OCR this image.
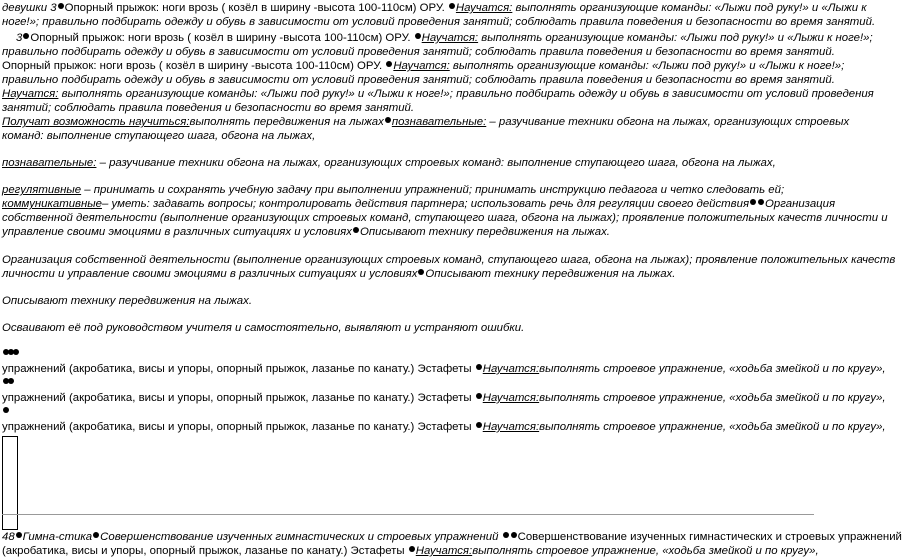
девушки 3 Опорный прыжок: ноги врозь ( козёл в ширину -высота 100-110см) ОРУ. Научатся: выполнять организующие команды: «Лыжи под руку!» и «Лыжи к
ноге!»; правильно подбирать одежду и обувь в зависимости от условий проведения занятий; соблюдать правила поведения и безопасности во время занятий.
3 Опорный прыжок: ноги врозь ( козёл в ширину -высота 100-110см) ОРУ. Научатся: выполнять организующие команды: «Лыжи под руку!» и «Лыжи к ноге!»;
правильно подбирать одежду и обувь в зависимости от условий проведения занятий; соблюдать правила поведения и безопасности во время занятий.
Опорный прыжок: ноги врозь ( козёл в ширину -высота 100-110см) ОРУ. Научатся: выполнять организующие команды: «Лыжи под руку!» и «Лыжи к ноге!»;
правильно подбирать одежду и обувь в зависимости от условий проведения занятий; соблюдать правила поведения и безопасности во время занятий.
Научатся: выполнять организующие команды: «Лыжи под руку!» и «Лыжи к ноге!»; правильно подбирать одежду и обувь в зависимости от условий проведения
занятий; соблюдать правила поведения и безопасности во время занятий.
Получат возможность научиться:выполнять передвижения на лыжах познавательные: – разучивание техники обгона на лыжах, организующих строевых
команд: выполнение ступающего шага, обгона на лыжах,
познавательные: – разучивание техники обгона на лыжах, организующих строевых команд: выполнение ступающего шага, обгона на лыжах,
регулятивные – принимать и сохранять учебную задачу при выполнении упражнений; принимать инструкцию педагога и четко следовать ей;
коммуникативные– уметь: задавать вопросы; контролировать действия партнера; использовать речь для регуляции своего действия Организация
собственной деятельности (выполнение организующих строевых команд, ступающего шага, обгона на лыжах); проявление положительных качеств личности и
управление своими эмоциями в различных ситуациях и условиях Описывают технику передвижения на лыжах.
Организация собственной деятельности (выполнение организующих строевых команд, ступающего шага, обгона на лыжах); проявление положительных качеств
личности и управление своими эмоциями в различных ситуациях и условиях Описывают технику передвижения на лыжах.
Описывают технику передвижения на лыжах.
Осваивают её под руководством учителя и самостоятельно, выявляют и устраняют ошибки.
упражнений (акробатика, висы и упоры, опорный прыжок, лазанье по канату.) Эстафеты Научатся:выполнять строевое упражнение, «ходьба змейкой и по кругу»,
упражнений (акробатика, висы и упоры, опорный прыжок, лазанье по канату.) Эстафеты Научатся:выполнять строевое упражнение, «ходьба змейкой и по кругу»,
упражнений (акробатика, висы и упоры, опорный прыжок, лазанье по канату.) Эстафеты Научатся:выполнять строевое упражнение, «ходьба змейкой и по кругу»,
48 Гимна-стика Совершенствование изученных гимнастических и строевых упражнений Совершенствование изученных гимнастических и строевых упражнений
(акробатика, висы и упоры, опорный прыжок, лазанье по канату.) Эстафеты Научатся:выполнять строевое упражнение, «ходьба змейкой и по кругу»,
